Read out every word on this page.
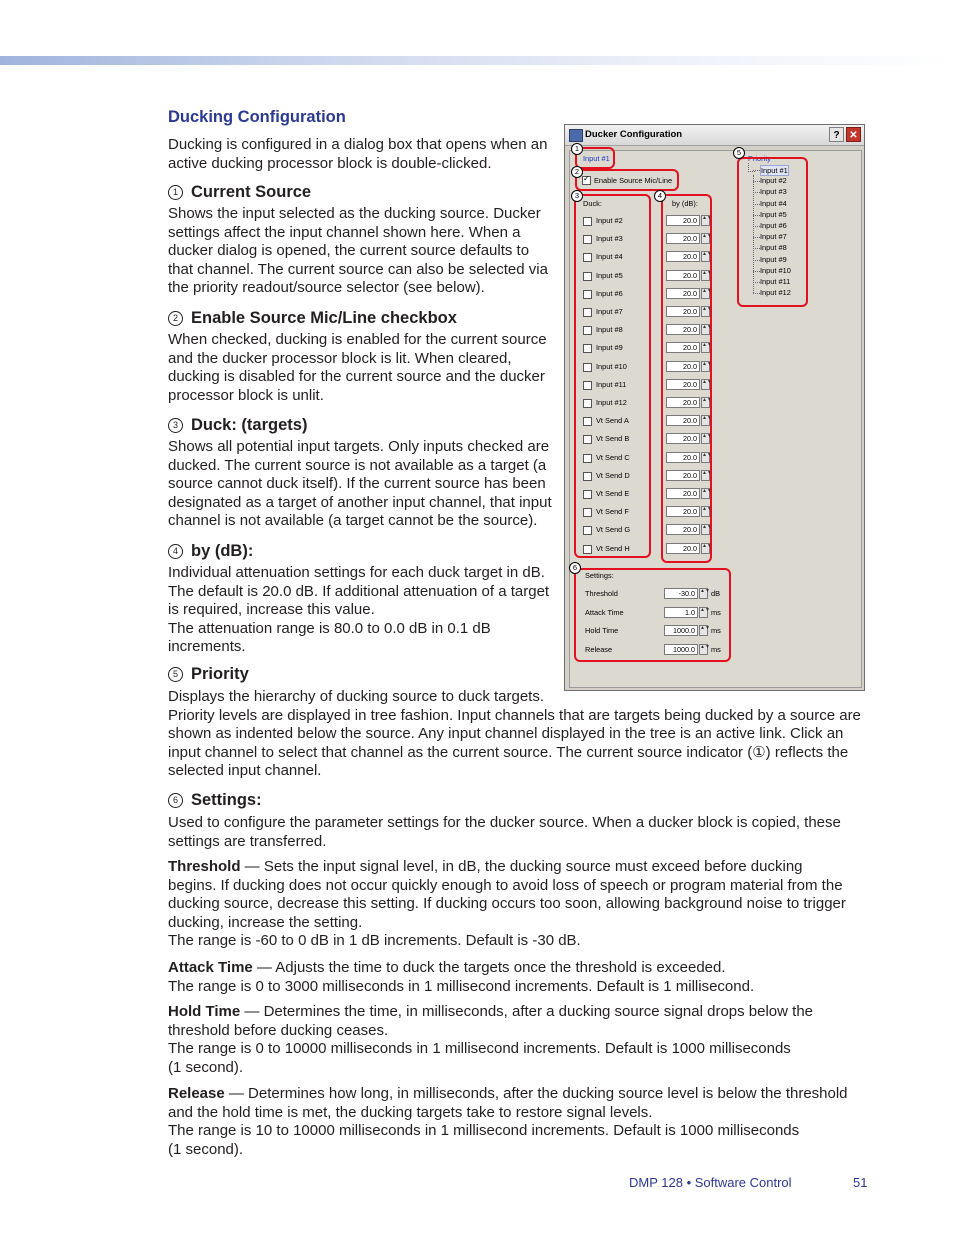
Ducking Configuration
Ducking is configured in a dialog box that opens when an
active ducking processor block is double-clicked.
1 Current Source
Shows the input selected as the ducking source. Ducker
settings affect the input channel shown here. When a
ducker dialog is opened, the current source defaults to
that channel. The current source can also be selected via
the priority readout/source selector (see below).
2 Enable Source Mic/Line checkbox
When checked, ducking is enabled for the current source
and the ducker processor block is lit. When cleared,
ducking is disabled for the current source and the ducker
processor block is unlit.
3 Duck: (targets)
Shows all potential input targets. Only inputs checked are
ducked. The current source is not available as a target (a
source cannot duck itself). If the current source has been
designated as a target of another input channel, that input
channel is not available (a target cannot be the source).
4 by (dB):
Individual attenuation settings for each duck target in dB.
The default is 20.0 dB. If additional attenuation of a target
is required, increase this value.
The attenuation range is 80.0 to 0.0 dB in 0.1 dB
increments.
5 Priority
Displays the hierarchy of ducking source to duck targets.
Priority levels are displayed in tree fashion. Input channels that are targets being ducked by a source are
shown as indented below the source. Any input channel displayed in the tree is an active link. Click an
input channel to select that channel as the current source. The current source indicator (①) reflects the
selected input channel.
6 Settings:
Used to configure the parameter settings for the ducker source. When a ducker block is copied, these
settings are transferred.
Threshold — Sets the input signal level, in dB, the ducking source must exceed before ducking
begins. If ducking does not occur quickly enough to avoid loss of speech or program material from the
ducking source, decrease this setting. If ducking occurs too soon, allowing background noise to trigger
ducking, increase the setting.
The range is -60 to 0 dB in 1 dB increments. Default is -30 dB.
Attack Time — Adjusts the time to duck the targets once the threshold is exceeded.
The range is 0 to 3000 milliseconds in 1 millisecond increments. Default is 1 millisecond.
Hold Time — Determines the time, in milliseconds, after a ducking source signal drops below the
threshold before ducking ceases.
The range is 0 to 10000 milliseconds in 1 millisecond increments. Default is 1000 milliseconds
(1 second).
Release — Determines how long, in milliseconds, after the ducking source level is below the threshold
and the hold time is met, the ducking targets take to restore signal levels.
The range is 10 to 10000 milliseconds in 1 millisecond increments. Default is 1000 milliseconds
(1 second).
DMP 128 • Software Control	51
Ducker Configuration	? ✕
Input #1
✓
Enable Source Mic/Line
Duck:	by (dB):
Input #2	20.0	▲▼
Input #3	20.0	▲▼
Input #4	20.0	▲▼
Input #5	20.0	▲▼
Input #6	20.0	▲▼
Input #7	20.0	▲▼
Input #8	20.0	▲▼
Input #9	20.0	▲▼
Input #10	20.0	▲▼
Input #11	20.0	▲▼
Input #12	20.0	▲▼
Vt Send A	20.0	▲▼
Vt Send B	20.0	▲▼
Vt Send C	20.0	▲▼
Vt Send D	20.0	▲▼
Vt Send E	20.0	▲▼
Vt Send F	20.0	▲▼
Vt Send G	20.0	▲▼
Vt Send H	20.0	▲▼
Priority
Input #1
Input #2
Input #3
Input #4
Input #5
Input #6
Input #7
Input #8
Input #9
Input #10
Input #11
Input #12
Settings:
Threshold	-30.0	▲▼ dB
Attack Time	1.0	▲▼ ms
Hold Time	1000.0	▲▼ ms
Release	1000.0	▲▼ ms
1
2
3	4
5
6
